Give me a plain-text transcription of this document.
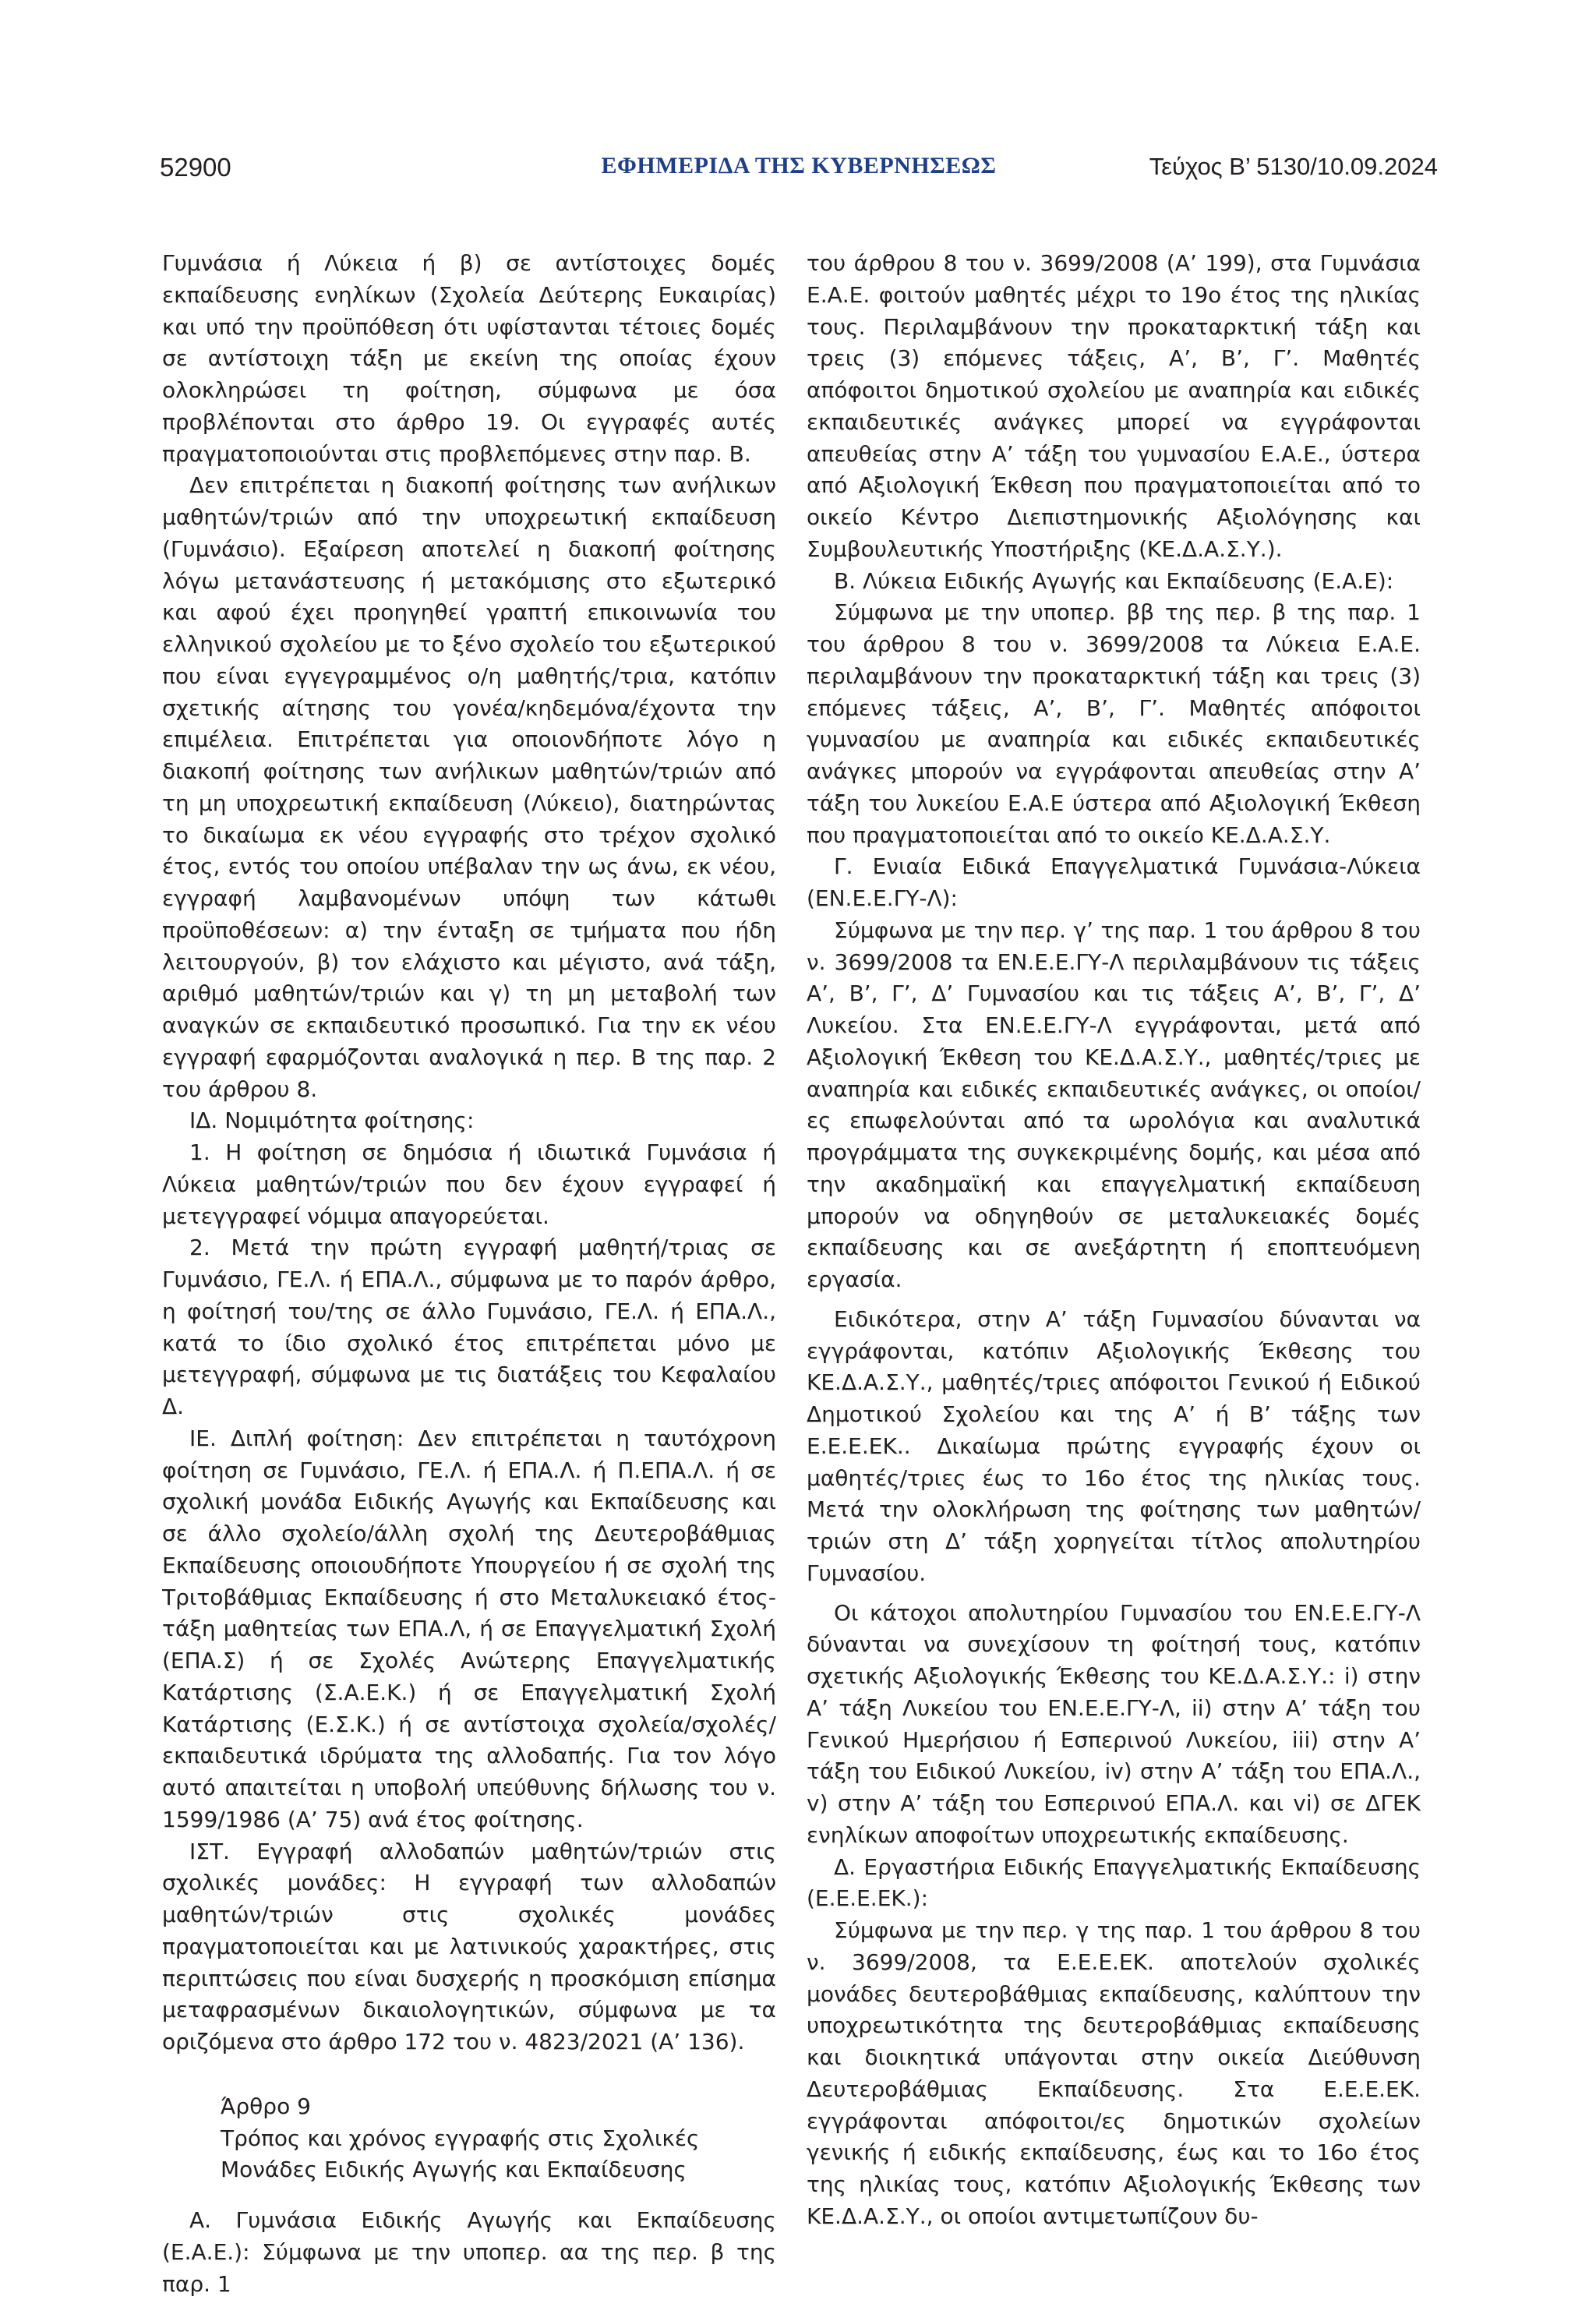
52900	ΕΦΗΜΕΡΙΔΑ ΤΗΣ ΚΥΒΕΡΝΗΣΕΩΣ	Τεύχος Β’ 5130/10.09.2024

Γυμνάσια ή Λύκεια ή β) σε αντίστοιχες δομές εκπαίδευσης ενηλίκων (Σχολεία Δεύτερης Ευκαιρίας) και υπό την προϋπόθεση ότι υφίστανται τέτοιες δομές σε αντίστοιχη τάξη με εκείνη της οποίας έχουν ολοκληρώσει τη φοίτηση, σύμφωνα με όσα προβλέπονται στο άρθρο 19. Οι εγγραφές αυτές πραγματοποιούνται στις προβλεπόμενες στην παρ. Β.

Δεν επιτρέπεται η διακοπή φοίτησης των ανήλικων μαθητών/τριών από την υποχρεωτική εκπαίδευση (Γυμνάσιο). Εξαίρεση αποτελεί η διακοπή φοίτησης λόγω μετανάστευσης ή μετακόμισης στο εξωτερικό και αφού έχει προηγηθεί γραπτή επικοινωνία του ελληνικού σχολείου με το ξένο σχολείο του εξωτερικού που είναι εγγεγραμμένος ο/η μαθητής/τρια, κατόπιν σχετικής αίτησης του γονέα/κηδεμόνα/έχοντα την επιμέλεια. Επιτρέπεται για οποιονδήποτε λόγο η διακοπή φοίτησης των ανήλικων μαθητών/τριών από τη μη υποχρεωτική εκπαίδευση (Λύκειο), διατηρώντας το δικαίωμα εκ νέου εγγραφής στο τρέχον σχολικό έτος, εντός του οποίου υπέβαλαν την ως άνω, εκ νέου, εγγραφή λαμβανομένων υπόψη των κάτωθι προϋποθέσεων: α) την ένταξη σε τμήματα που ήδη λειτουργούν, β) τον ελάχιστο και μέγιστο, ανά τάξη, αριθμό μαθητών/τριών και γ) τη μη μεταβολή των αναγκών σε εκπαιδευτικό προσωπικό. Για την εκ νέου εγγραφή εφαρμόζονται αναλογικά η περ. Β της παρ. 2 του άρθρου 8.

ΙΔ. Νομιμότητα φοίτησης:

1. Η φοίτηση σε δημόσια ή ιδιωτικά Γυμνάσια ή Λύκεια μαθητών/τριών που δεν έχουν εγγραφεί ή μετεγγραφεί νόμιμα απαγορεύεται.

2. Μετά την πρώτη εγγραφή μαθητή/τριας σε Γυμνάσιο, ΓΕ.Λ. ή ΕΠΑ.Λ., σύμφωνα με το παρόν άρθρο, η φοίτησή του/της σε άλλο Γυμνάσιο, ΓΕ.Λ. ή ΕΠΑ.Λ., κατά το ίδιο σχολικό έτος επιτρέπεται μόνο με μετεγγραφή, σύμφωνα με τις διατάξεις του Κεφαλαίου Δ.

ΙΕ. Διπλή φοίτηση: Δεν επιτρέπεται η ταυτόχρονη φοίτηση σε Γυμνάσιο, ΓΕ.Λ. ή ΕΠΑ.Λ. ή Π.ΕΠΑ.Λ. ή σε σχολική μονάδα Ειδικής Αγωγής και Εκπαίδευσης και σε άλλο σχολείο/άλλη σχολή της Δευτεροβάθμιας Εκπαίδευσης οποιουδήποτε Υπουργείου ή σε σχολή της Τριτοβάθμιας Εκπαίδευσης ή στο Μεταλυκειακό έτος-τάξη μαθητείας των ΕΠΑ.Λ, ή σε Επαγγελματική Σχολή (ΕΠΑ.Σ) ή σε Σχολές Ανώτερης Επαγγελματικής Κατάρτισης (Σ.Α.Ε.Κ.) ή σε Επαγγελματική Σχολή Κατάρτισης (Ε.Σ.Κ.) ή σε αντίστοιχα σχολεία/σχολές/εκπαιδευτικά ιδρύματα της αλλοδαπής. Για τον λόγο αυτό απαιτείται η υποβολή υπεύθυνης δήλωσης του ν. 1599/1986 (Α’ 75) ανά έτος φοίτησης.

ΙΣΤ. Εγγραφή αλλοδαπών μαθητών/τριών στις σχολικές μονάδες: Η εγγραφή των αλλοδαπών μαθητών/τριών στις σχολικές μονάδες πραγματοποιείται και με λατινικούς χαρακτήρες, στις περιπτώσεις που είναι δυσχερής η προσκόμιση επίσημα μεταφρασμένων δικαιολογητικών, σύμφωνα με τα οριζόμενα στο άρθρο 172 του ν. 4823/2021 (Α’ 136).

Άρθρο 9
Τρόπος και χρόνος εγγραφής στις Σχολικές
Μονάδες Ειδικής Αγωγής και Εκπαίδευσης

Α. Γυμνάσια Ειδικής Αγωγής και Εκπαίδευσης (Ε.Α.Ε.): Σύμφωνα με την υποπερ. αα της περ. β της παρ. 1

του άρθρου 8 του ν. 3699/2008 (Α’ 199), στα Γυμνάσια Ε.Α.Ε. φοιτούν μαθητές μέχρι το 19ο έτος της ηλικίας τους. Περιλαμβάνουν την προκαταρκτική τάξη και τρεις (3) επόμενες τάξεις, Α’, Β’, Γ’. Μαθητές απόφοιτοι δημοτικού σχολείου με αναπηρία και ειδικές εκπαιδευτικές ανάγκες μπορεί να εγγράφονται απευθείας στην Α’ τάξη του γυμνασίου Ε.Α.Ε., ύστερα από Αξιολογική Έκθεση που πραγματοποιείται από το οικείο Κέντρο Διεπιστημονικής Αξιολόγησης και Συμβουλευτικής Υποστήριξης (ΚΕ.Δ.Α.Σ.Υ.).

Β. Λύκεια Ειδικής Αγωγής και Εκπαίδευσης (Ε.Α.Ε):

Σύμφωνα με την υποπερ. ββ της περ. β της παρ. 1 του άρθρου 8 του ν. 3699/2008 τα Λύκεια Ε.Α.Ε. περιλαμβάνουν την προκαταρκτική τάξη και τρεις (3) επόμενες τάξεις, Α’, Β’, Γ’. Μαθητές απόφοιτοι γυμνασίου με αναπηρία και ειδικές εκπαιδευτικές ανάγκες μπορούν να εγγράφονται απευθείας στην Α’ τάξη του λυκείου Ε.Α.Ε ύστερα από Αξιολογική Έκθεση που πραγματοποιείται από το οικείο ΚΕ.Δ.Α.Σ.Υ.

Γ. Ενιαία Ειδικά Επαγγελματικά Γυμνάσια-Λύκεια (ΕΝ.Ε.Ε.ΓΥ-Λ):

Σύμφωνα με την περ. γ’ της παρ. 1 του άρθρου 8 του ν. 3699/2008 τα ΕΝ.Ε.Ε.ΓΥ-Λ περιλαμβάνουν τις τάξεις Α’, Β’, Γ’, Δ’ Γυμνασίου και τις τάξεις Α’, Β’, Γ’, Δ’ Λυκείου. Στα ΕΝ.Ε.Ε.ΓΥ-Λ εγγράφονται, μετά από Αξιολογική Έκθεση του ΚΕ.Δ.Α.Σ.Υ., μαθητές/τριες με αναπηρία και ειδικές εκπαιδευτικές ανάγκες, οι οποίοι/ες επωφελούνται από τα ωρολόγια και αναλυτικά προγράμματα της συγκεκριμένης δομής, και μέσα από την ακαδημαϊκή και επαγγελματική εκπαίδευση μπορούν να οδηγηθούν σε μεταλυκειακές δομές εκπαίδευσης και σε ανεξάρτητη ή εποπτευόμενη εργασία.

Ειδικότερα, στην Α’ τάξη Γυμνασίου δύνανται να εγγράφονται, κατόπιν Αξιολογικής Έκθεσης του ΚΕ.Δ.Α.Σ.Υ., μαθητές/τριες απόφοιτοι Γενικού ή Ειδικού Δημοτικού Σχολείου και της Α’ ή Β’ τάξης των Ε.Ε.Ε.ΕΚ.. Δικαίωμα πρώτης εγγραφής έχουν οι μαθητές/τριες έως το 16ο έτος της ηλικίας τους. Μετά την ολοκλήρωση της φοίτησης των μαθητών/τριών στη Δ’ τάξη χορηγείται τίτλος απολυτηρίου Γυμνασίου.

Οι κάτοχοι απολυτηρίου Γυμνασίου του ΕΝ.Ε.Ε.ΓΥ-Λ δύνανται να συνεχίσουν τη φοίτησή τους, κατόπιν σχετικής Αξιολογικής Έκθεσης του ΚΕ.Δ.Α.Σ.Υ.: i) στην Α’ τάξη Λυκείου του ΕΝ.Ε.Ε.ΓΥ-Λ, ii) στην Α’ τάξη του Γενικού Ημερήσιου ή Εσπερινού Λυκείου, iii) στην Α’ τάξη του Ειδικού Λυκείου, iv) στην Α’ τάξη του ΕΠΑ.Λ., v) στην Α’ τάξη του Εσπερινού ΕΠΑ.Λ. και vi) σε ΔΓΕΚ ενηλίκων αποφοίτων υποχρεωτικής εκπαίδευσης.

Δ. Εργαστήρια Ειδικής Επαγγελματικής Εκπαίδευσης (Ε.Ε.Ε.ΕΚ.):

Σύμφωνα με την περ. γ της παρ. 1 του άρθρου 8 του ν. 3699/2008, τα Ε.Ε.Ε.ΕΚ. αποτελούν σχολικές μονάδες δευτεροβάθμιας εκπαίδευσης, καλύπτουν την υποχρεωτικότητα της δευτεροβάθμιας εκπαίδευσης και διοικητικά υπάγονται στην οικεία Διεύθυνση Δευτεροβάθμιας Εκπαίδευσης. Στα Ε.Ε.Ε.ΕΚ. εγγράφονται απόφοιτοι/ες δημοτικών σχολείων γενικής ή ειδικής εκπαίδευσης, έως και το 16ο έτος της ηλικίας τους, κατόπιν Αξιολογικής Έκθεσης των ΚΕ.Δ.Α.Σ.Υ., οι οποίοι αντιμετωπίζουν δυ-
